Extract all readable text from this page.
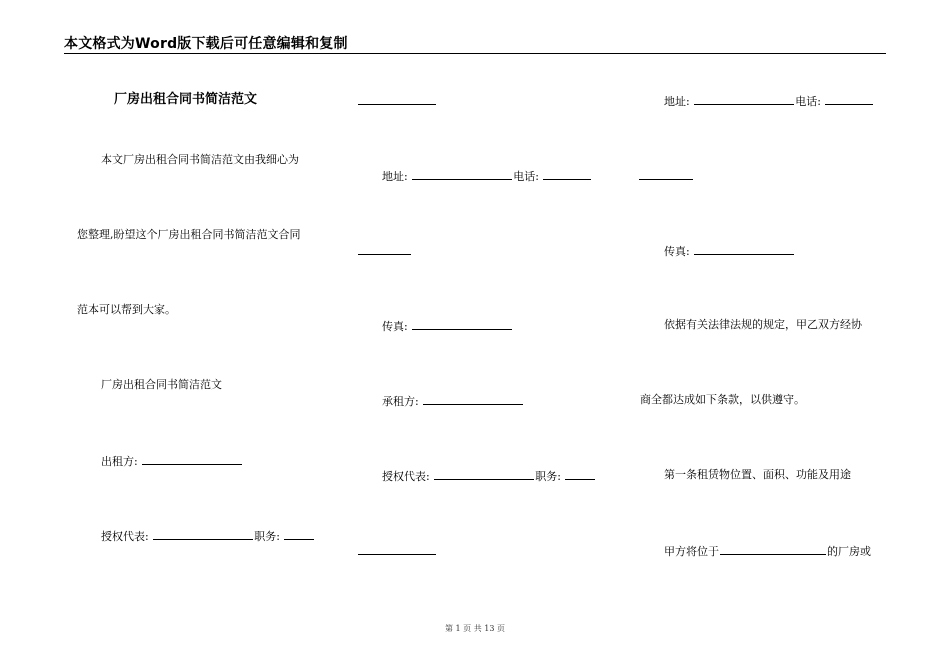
本文格式为Word版下载后可任意编辑和复制
厂房出租合同书简洁范文
本文厂房出租合同书简洁范文由我细心为
您整理,盼望这个厂房出租合同书简洁范文合同
范本可以帮到大家。
厂房出租合同书简洁范文
出租方:
授权代表:	职务:
地址:	电话:
传真:
承租方:
授权代表:	职务:
地址:	电话:
传真:
依据有关法律法规的规定，甲乙双方经协
商全都达成如下条款，以供遵守。
第一条租赁物位置、面积、功能及用途
甲方将位于	的厂房或
第 1 页 共 13 页
